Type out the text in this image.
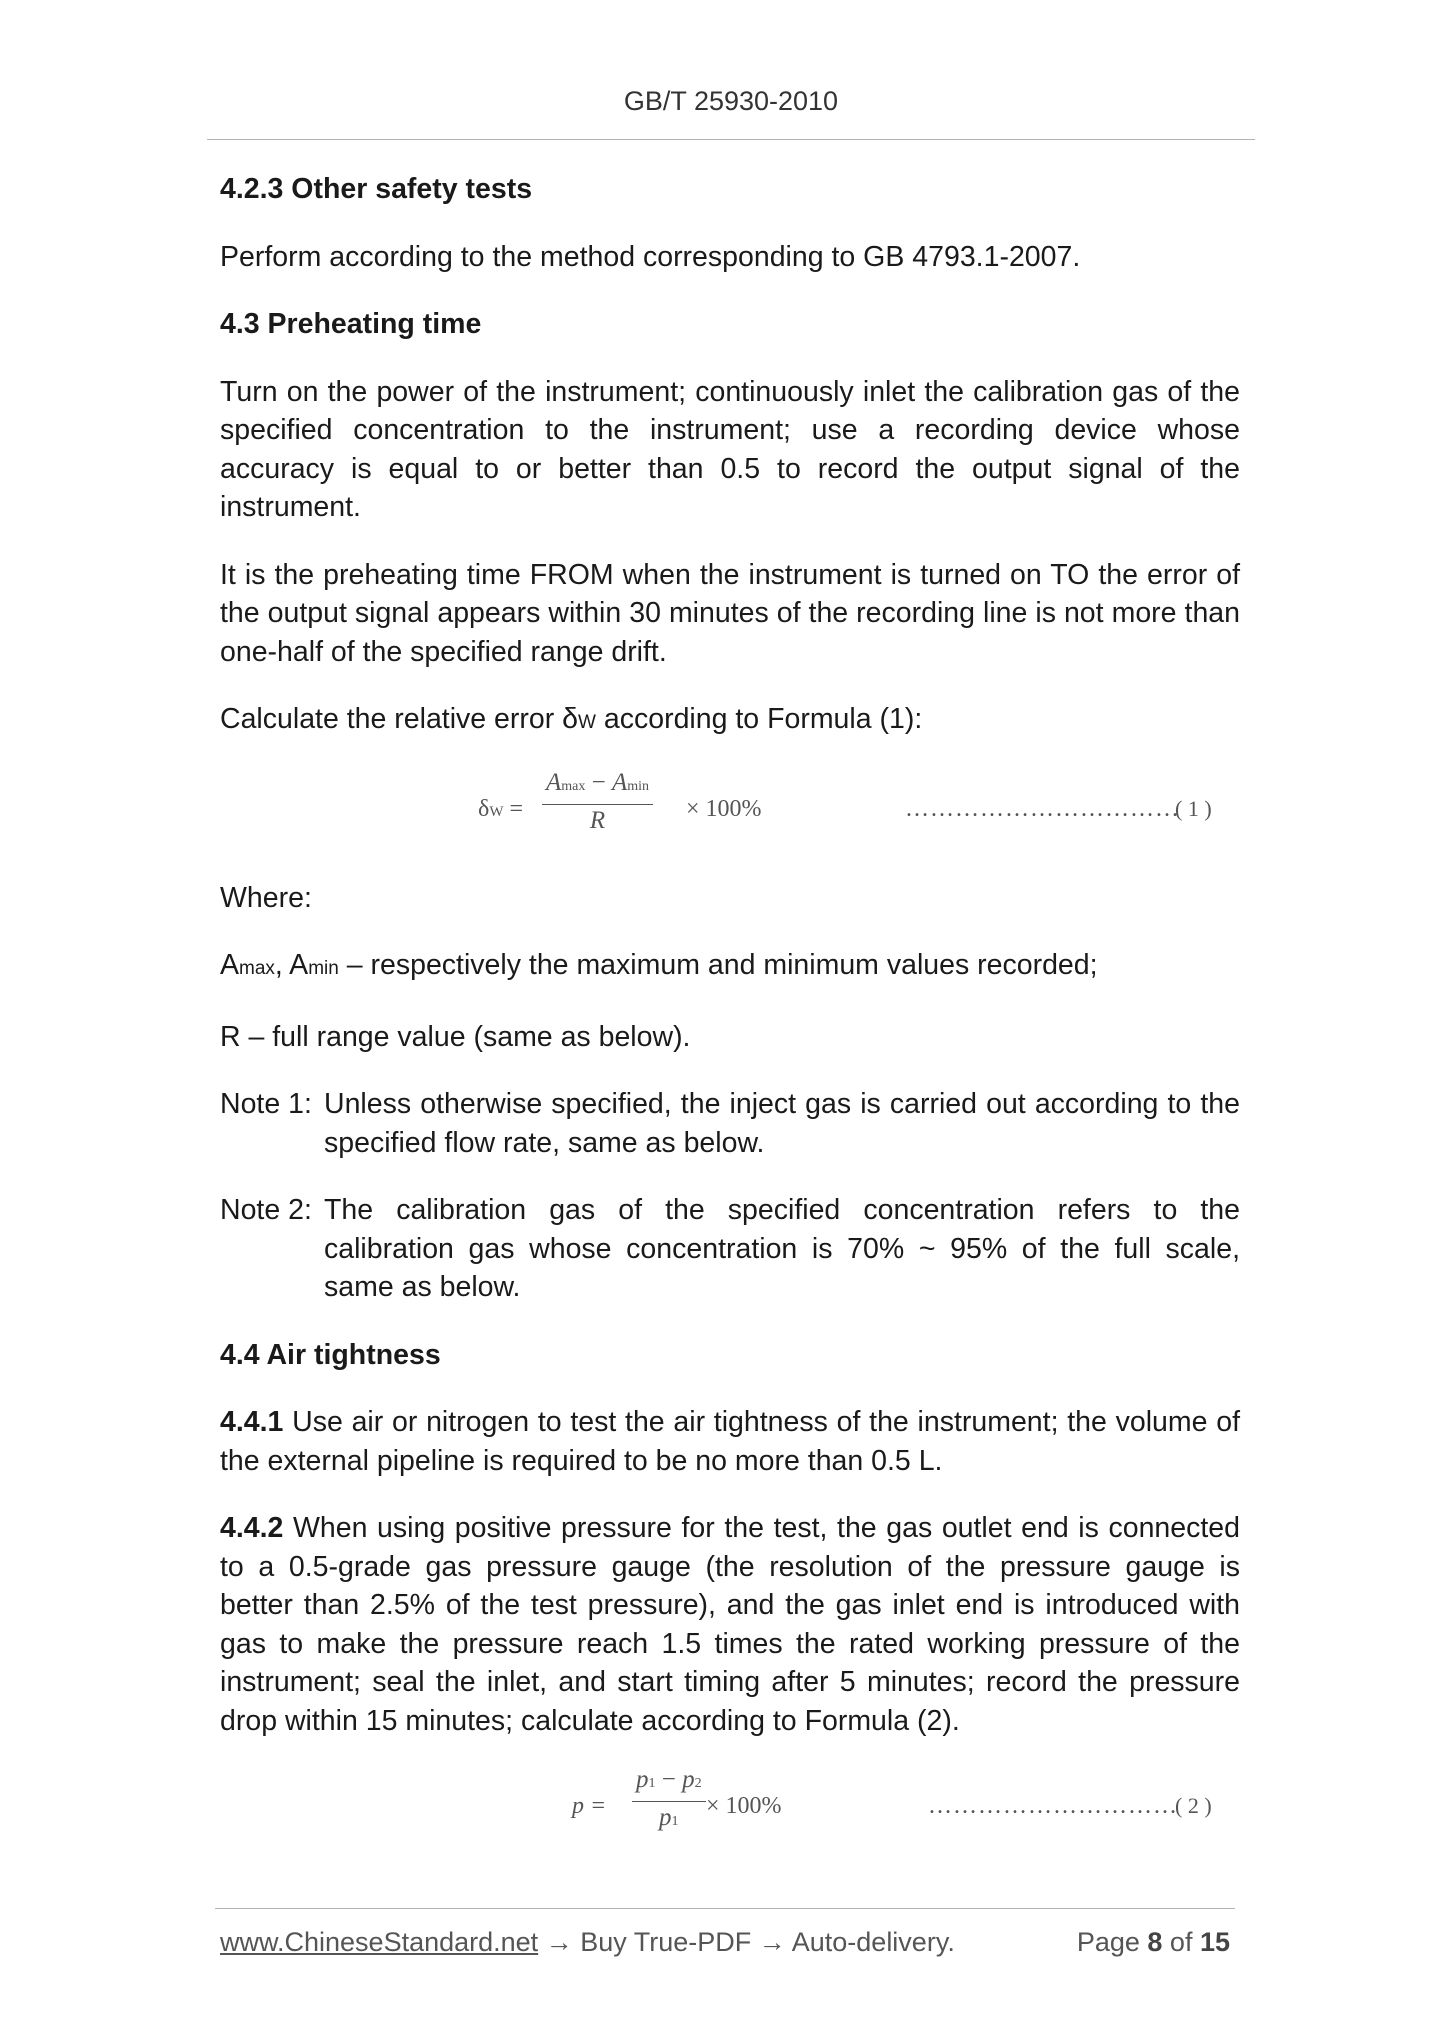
GB/T 25930-2010
4.2.3 Other safety tests

Perform according to the method corresponding to GB 4793.1-2007.

4.3 Preheating time

Turn on the power of the instrument; continuously inlet the calibration gas of the specified concentration to the instrument; use a recording device whose accuracy is equal to or better than 0.5 to record the output signal of the instrument.

It is the preheating time FROM when the instrument is turned on TO the error of the output signal appears within 30 minutes of the recording line is not more than one-half of the specified range drift.

Calculate the relative error δW according to Formula (1):

δW =
Amax − Amin
R	× 100%	……………………………
( 1 )

Where:

Amax, Amin – respectively the maximum and minimum values recorded;

R – full range value (same as below).

Note 1: Unless otherwise specified, the inject gas is carried out according to the specified flow rate, same as below.
Note 2: The calibration gas of the specified concentration refers to the calibration gas whose concentration is 70% ~ 95% of the full scale, same as below.
4.4 Air tightness

4.4.1 Use air or nitrogen to test the air tightness of the instrument; the volume of the external pipeline is required to be no more than 0.5 L.

4.4.2 When using positive pressure for the test, the gas outlet end is connected to a 0.5-grade gas pressure gauge (the resolution of the pressure gauge is better than 2.5% of the test pressure), and the gas inlet end is introduced with gas to make the pressure reach 1.5 times the rated working pressure of the instrument; seal the inlet, and start timing after 5 minutes; record the pressure drop within 15 minutes; calculate according to Formula (2).

$p = \frac{p1 - p2}{p1} \times 100\%$	…………………………
( 2 )
www.ChineseStandard.net → Buy True-PDF → Auto-delivery.	Page 8 of 15
